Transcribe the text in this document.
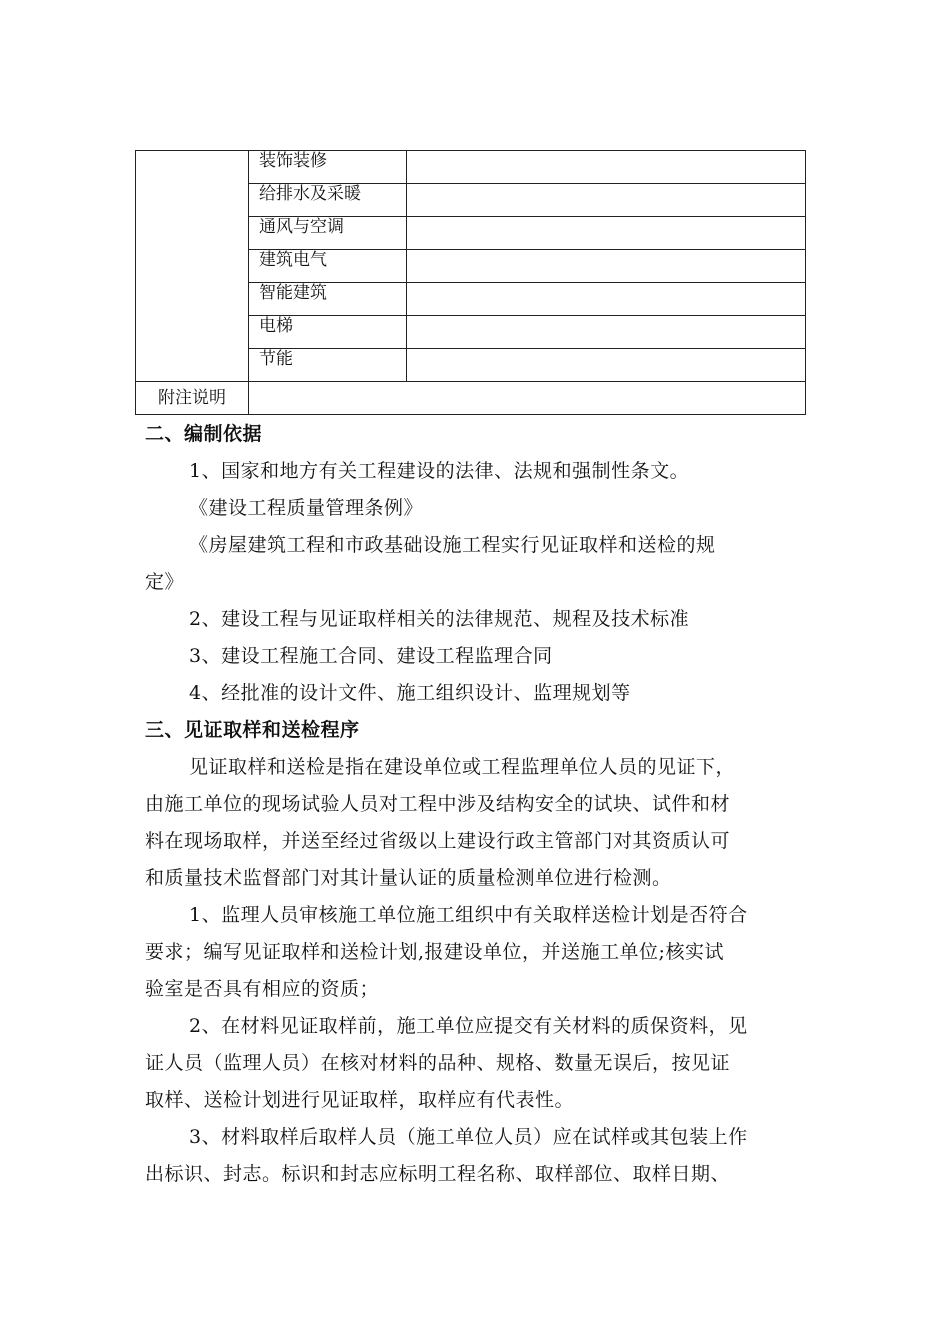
	装饰装修	
	给排水及采暖	
	通风与空调	
	建筑电气	
	智能建筑	
	电梯	
	节能	
附注说明		
二、编制依据
1、国家和地方有关工程建设的法律、法规和强制性条文。
《建设工程质量管理条例》
《房屋建筑工程和市政基础设施工程实行见证取样和送检的规
定》
2、建设工程与见证取样相关的法律规范、规程及技术标准
3、建设工程施工合同、建设工程监理合同
4、经批准的设计文件、施工组织设计、监理规划等
三、见证取样和送检程序
见证取样和送检是指在建设单位或工程监理单位人员的见证下，
由施工单位的现场试验人员对工程中涉及结构安全的试块、试件和材
料在现场取样，并送至经过省级以上建设行政主管部门对其资质认可
和质量技术监督部门对其计量认证的质量检测单位进行检测。
1、监理人员审核施工单位施工组织中有关取样送检计划是否符合
要求；编写见证取样和送检计划,报建设单位，并送施工单位;核实试
验室是否具有相应的资质；
2、在材料见证取样前，施工单位应提交有关材料的质保资料，见
证人员（监理人员）在核对材料的品种、规格、数量无误后，按见证
取样、送检计划进行见证取样，取样应有代表性。
3、材料取样后取样人员（施工单位人员）应在试样或其包装上作
出标识、封志。标识和封志应标明工程名称、取样部位、取样日期、
